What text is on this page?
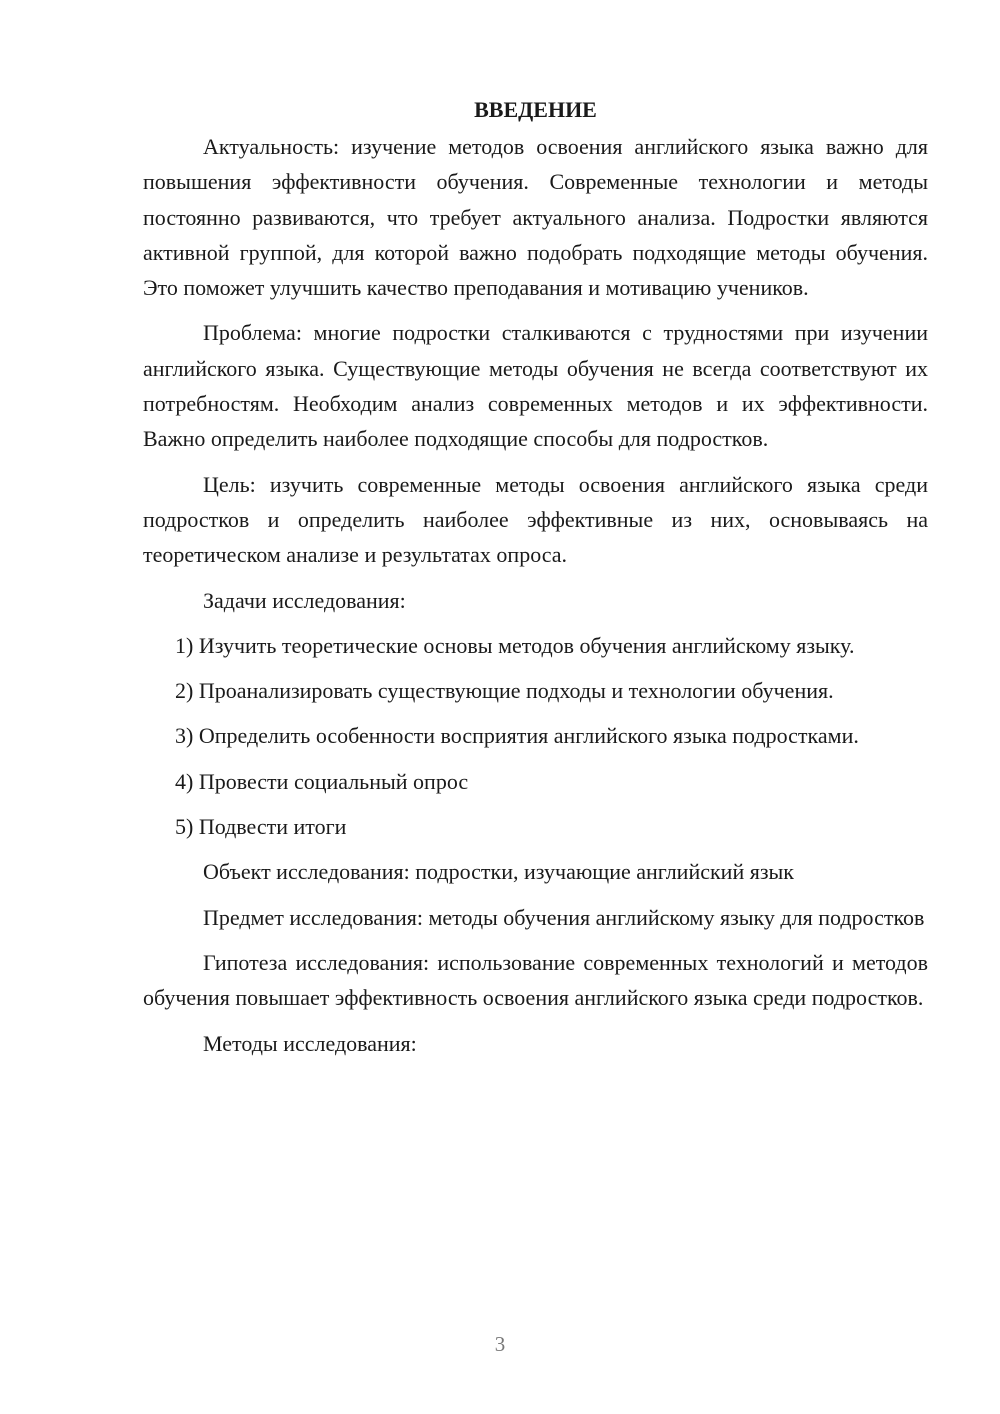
ВВЕДЕНИЕ

Актуальность: изучение методов освоения английского языка важно для повышения эффективности обучения. Современные технологии и методы постоянно развиваются, что требует актуального анализа. Подростки являются активной группой, для которой важно подобрать подходящие методы обучения. Это поможет улучшить качество преподавания и мотивацию учеников.

Проблема: многие подростки сталкиваются с трудностями при изучении английского языка. Существующие методы обучения не всегда соответствуют их потребностям. Необходим анализ современных методов и их эффективности. Важно определить наиболее подходящие способы для подростков.

Цель: изучить современные методы освоения английского языка среди подростков и определить наиболее эффективные из них, основываясь на теоретическом анализе и результатах опроса.

Задачи исследования:

1) Изучить теоретические основы методов обучения английскому языку.

2) Проанализировать существующие подходы и технологии обучения.

3) Определить особенности восприятия английского языка подростками.

4) Провести социальный опрос

5) Подвести итоги

Объект исследования: подростки, изучающие английский язык

Предмет исследования: методы обучения английскому языку для подростков

Гипотеза исследования: использование современных технологий и методов обучения повышает эффективность освоения английского языка среди подростков.

Методы исследования:

3
